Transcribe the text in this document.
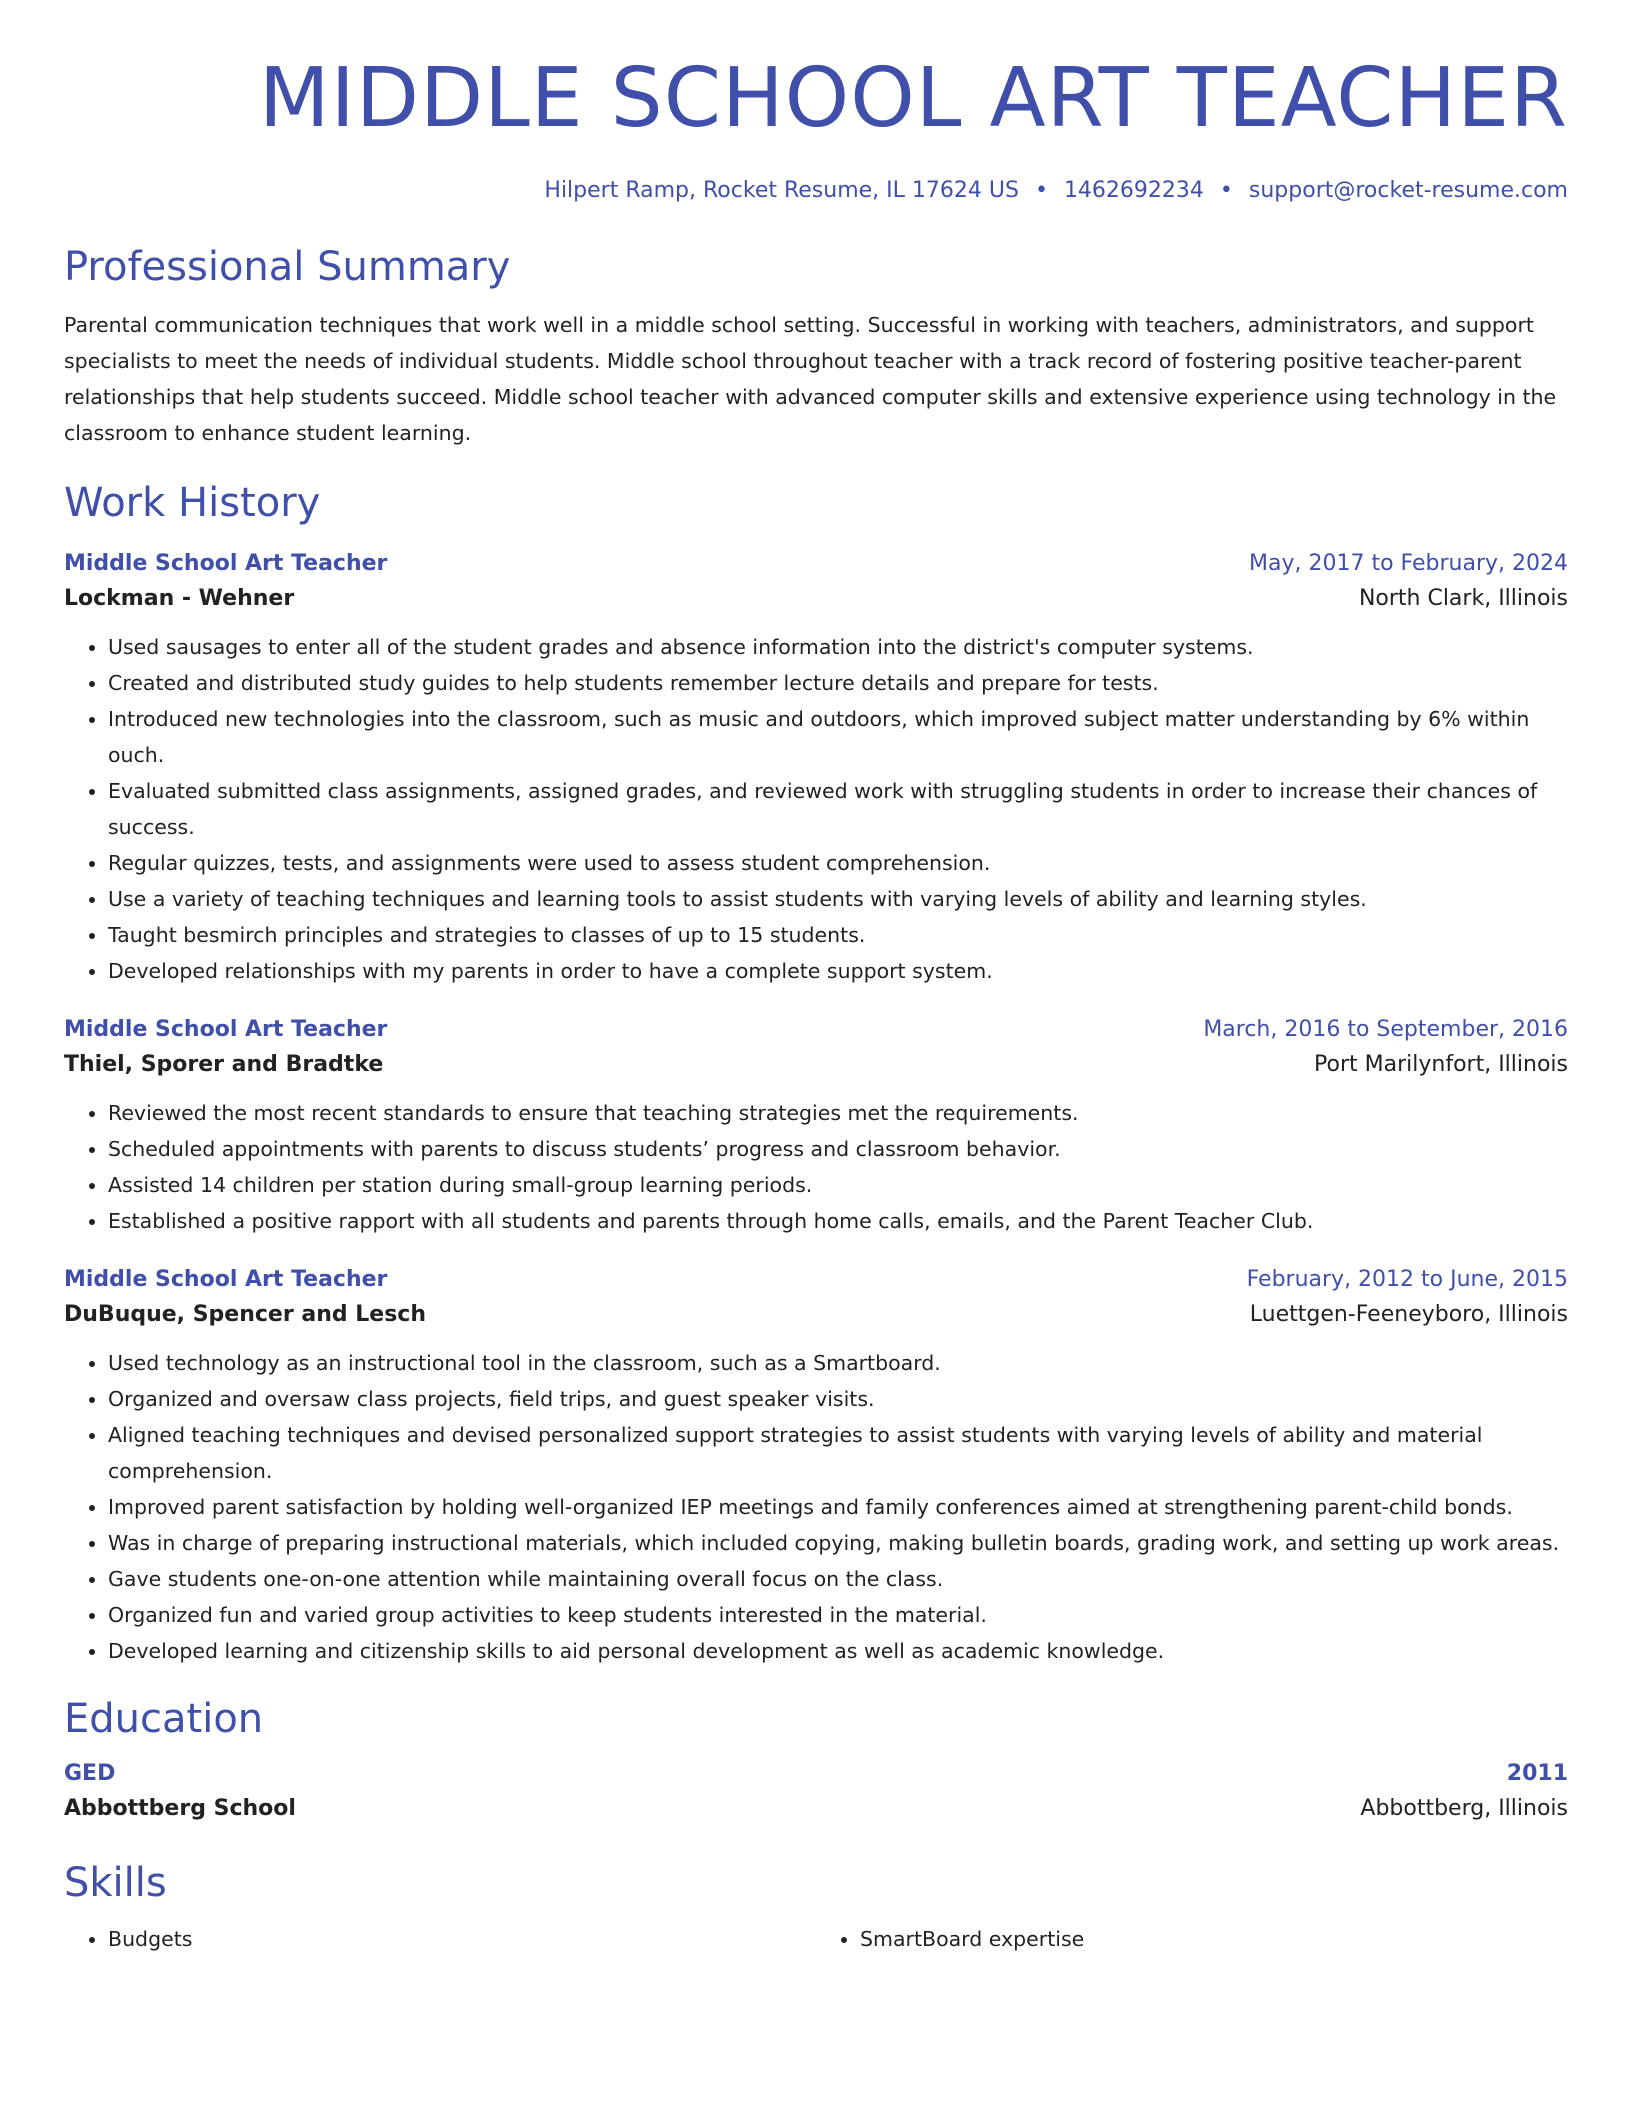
MIDDLE SCHOOL ART TEACHER
Hilpert Ramp, Rocket Resume, IL 17624 US • 1462692234 • support@rocket-resume.com
Professional Summary
Parental communication techniques that work well in a middle school setting. Successful in working with teachers, administrators, and support specialists to meet the needs of individual students. Middle school throughout teacher with a track record of fostering positive teacher-parent relationships that help students succeed. Middle school teacher with advanced computer skills and extensive experience using technology in the classroom to enhance student learning.
Work History
Middle School Art Teacher	May, 2017 to February, 2024
Lockman - Wehner	North Clark, Illinois
• Used sausages to enter all of the student grades and absence information into the district's computer systems.
• Created and distributed study guides to help students remember lecture details and prepare for tests.
• Introduced new technologies into the classroom, such as music and outdoors, which improved subject matter understanding by 6% within ouch.
• Evaluated submitted class assignments, assigned grades, and reviewed work with struggling students in order to increase their chances of success.
• Regular quizzes, tests, and assignments were used to assess student comprehension.
• Use a variety of teaching techniques and learning tools to assist students with varying levels of ability and learning styles.
• Taught besmirch principles and strategies to classes of up to 15 students.
• Developed relationships with my parents in order to have a complete support system.
Middle School Art Teacher	March, 2016 to September, 2016
Thiel, Sporer and Bradtke	Port Marilynfort, Illinois
• Reviewed the most recent standards to ensure that teaching strategies met the requirements.
• Scheduled appointments with parents to discuss students’ progress and classroom behavior.
• Assisted 14 children per station during small-group learning periods.
• Established a positive rapport with all students and parents through home calls, emails, and the Parent Teacher Club.
Middle School Art Teacher	February, 2012 to June, 2015
DuBuque, Spencer and Lesch	Luettgen-Feeneyboro, Illinois
• Used technology as an instructional tool in the classroom, such as a Smartboard.
• Organized and oversaw class projects, field trips, and guest speaker visits.
• Aligned teaching techniques and devised personalized support strategies to assist students with varying levels of ability and material comprehension.
• Improved parent satisfaction by holding well-organized IEP meetings and family conferences aimed at strengthening parent-child bonds.
• Was in charge of preparing instructional materials, which included copying, making bulletin boards, grading work, and setting up work areas.
• Gave students one-on-one attention while maintaining overall focus on the class.
• Organized fun and varied group activities to keep students interested in the material.
• Developed learning and citizenship skills to aid personal development as well as academic knowledge.
Education
GED	2011
Abbottberg School	Abbottberg, Illinois
Skills
• Budgets
•	SmartBoard expertise
